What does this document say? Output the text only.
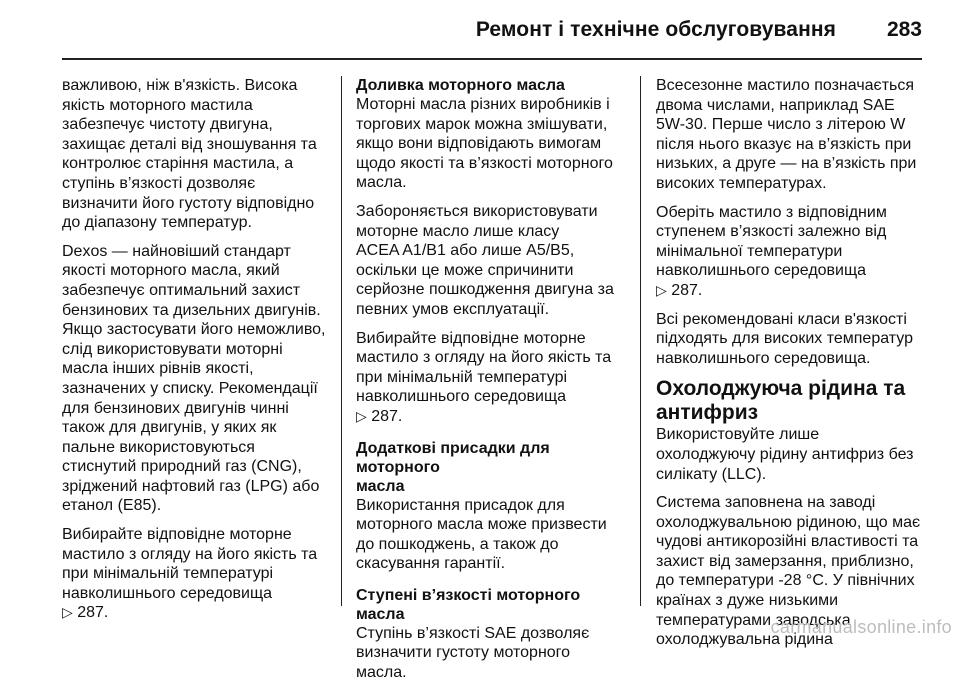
Ремонт і технічне обслуговування 283

важливою, ніж в'язкість. Висока
якість моторного мастила
забезпечує чистоту двигуна,
захищає деталі від зношування та
контролює старіння мастила, а
ступінь в’язкості дозволяє
визначити його густоту відповідно
до діапазону температур.

Dexos — найновіший стандарт
якості моторного масла, який
забезпечує оптимальний захист
бензинових та дизельних двигунів.
Якщо застосувати його неможливо,
слід використовувати моторні
масла інших рівнів якості,
зазначених у списку. Рекомендації
для бензинових двигунів чинні
також для двигунів, у яких як
пальне використовуються
стиснутий природний газ (CNG),
зріджений нафтовий газ (LPG) або
етанол (E85).

Вибирайте відповідне моторне
мастило з огляду на його якість та
при мінімальній температурі
навколишнього середовища
▷ 287.

Доливка моторного масла

Моторні масла різних виробників і
торгових марок можна змішувати,
якщо вони відповідають вимогам
щодо якості та в’язкості моторного
масла.

Забороняється використовувати
моторне масло лише класу
ACEA A1/B1 або лише A5/B5,
оскільки це може спричинити
серйозне пошкодження двигуна за
певних умов експлуатації.

Вибирайте відповідне моторне
мастило з огляду на його якість та
при мінімальній температурі
навколишнього середовища
▷ 287.

Додаткові присадки для моторного
масла

Використання присадок для
моторного масла може призвести
до пошкоджень, а також до
скасування гарантії.

Ступені в’язкості моторного масла

Ступінь в’язкості SAE дозволяє
визначити густоту моторного
масла.

Всесезонне мастило позначається
двома числами, наприклад SAE
5W-30. Перше число з літерою W
після нього вказує на в’язкість при
низьких, а друге — на в’язкість при
високих температурах.

Оберіть мастило з відповідним
ступенем в’язкості залежно від
мінімальної температури
навколишнього середовища
▷ 287.

Всі рекомендовані класи в'язкості
підходять для високих температур
навколишнього середовища.

Охолоджуюча рідина та
антифриз

Використовуйте лише
охолоджуючу рідину антифриз без
силікату (LLC).

Система заповнена на заводі
охолоджувальною рідиною, що має
чудові антикорозійні властивості та
захист від замерзання, приблизно,
до температури -28 °C. У північних
країнах з дуже низькими
температурами заводська
охолоджувальна рідина

carmanualsonline.info
